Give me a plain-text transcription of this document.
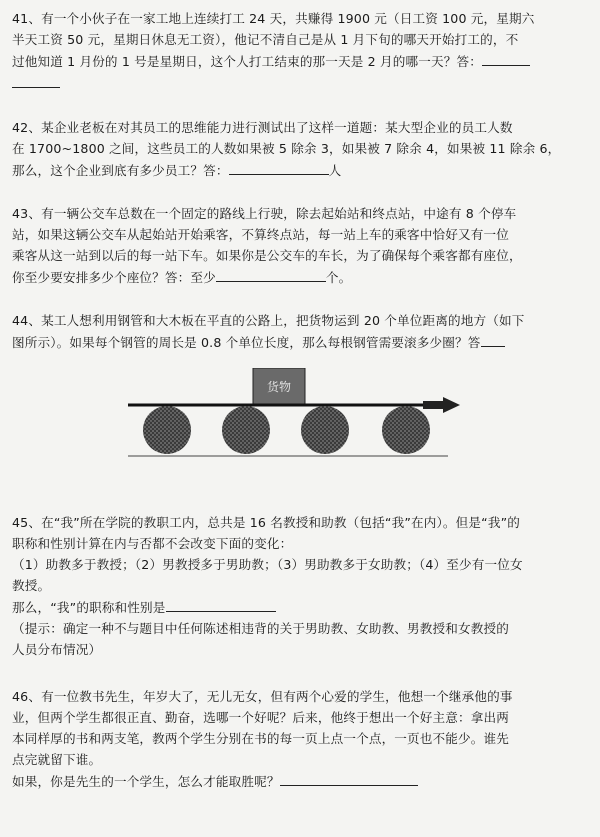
41、有一个小伙子在一家工地上连续打工 24 天，共赚得 1900 元（日工资 100 元，星期六

半天工资 50 元，星期日休息无工资），他记不清自己是从 1 月下旬的哪天开始打工的，不

过他知道 1 月份的 1 号是星期日，这个人打工结束的那一天是 2 月的哪一天？答：

42、某企业老板在对其员工的思维能力进行测试出了这样一道题：某大型企业的员工人数

在 1700~1800 之间，这些员工的人数如果被 5 除余 3，如果被 7 除余 4，如果被 11 除余 6，

那么，这个企业到底有多少员工？答：	人

43、有一辆公交车总数在一个固定的路线上行驶，除去起始站和终点站，中途有 8 个停车

站，如果这辆公交车从起始站开始乘客，不算终点站，每一站上车的乘客中恰好又有一位

乘客从这一站到以后的每一站下车。如果你是公交车的车长，为了确保每个乘客都有座位，

你至少要安排多少个座位？答：至少	个。

44、某工人想利用钢管和大木板在平直的公路上，把货物运到 20 个单位距离的地方（如下

图所示）。如果每个钢管的周长是 0.8 个单位长度，那么每根钢管需要滚多少圈？答

货物

45、在“我”所在学院的教职工内，总共是 16 名教授和助教（包括“我”在内）。但是“我”的

职称和性别计算在内与否都不会改变下面的变化：

（1）助教多于教授；（2）男教授多于男助教；（3）男助教多于女助教；（4）至少有一位女

教授。

那么，“我”的职称和性别是

（提示：确定一种不与题目中任何陈述相违背的关于男助教、女助教、男教授和女教授的

人员分布情况）

46、有一位教书先生，年岁大了，无儿无女，但有两个心爱的学生，他想一个继承他的事

业，但两个学生都很正直、勤奋，选哪一个好呢？后来，他终于想出一个好主意：拿出两

本同样厚的书和两支笔，教两个学生分别在书的每一页上点一个点，一页也不能少。谁先

点完就留下谁。

如果，你是先生的一个学生，怎么才能取胜呢？
